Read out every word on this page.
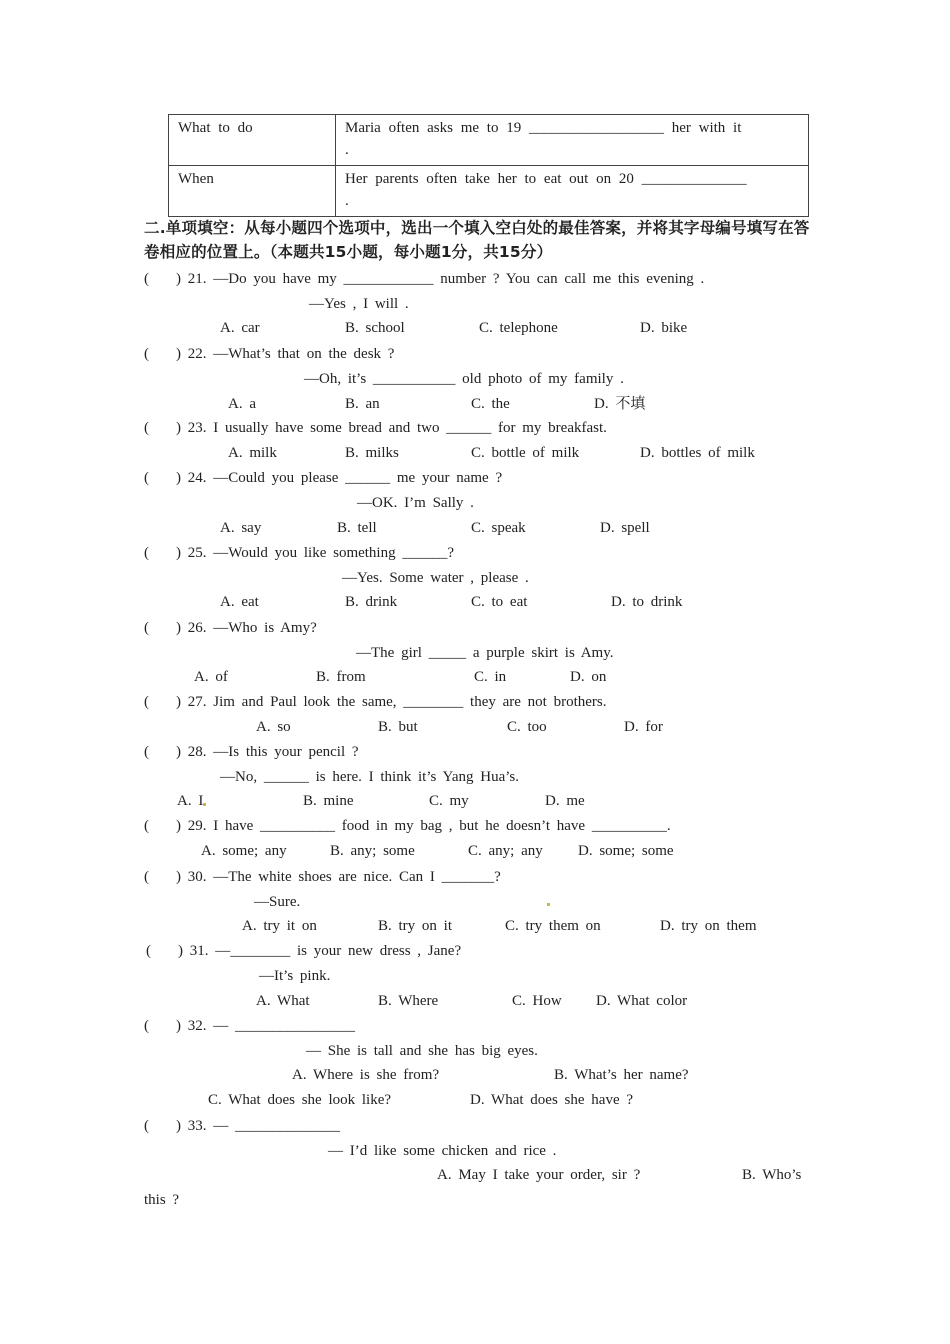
What to do	Maria often asks me to 19 __________________ her with it
.
When	Her parents often take her to eat out on 20 ______________
.
二.单项填空：从每小题四个选项中，选出一个填入空白处的最佳答案，并将其字母编号填写在答卷相应的位置上。（本题共15小题，每小题1分，共15分）
(    ) 21. —Do you have my ____________ number ? You can call me this evening .
—Yes , I will .
A. car	B. school	C. telephone	D. bike
(    ) 22. —What’s that on the desk ?
—Oh, it’s ___________ old photo of my family .
A. a	B. an	C. the	D. 不填
(    ) 23. I usually have some bread and two ______ for my breakfast.
A. milk	B. milks	C. bottle of milk	D. bottles of milk
(    ) 24. —Could you please ______ me your name ?
—OK. I’m Sally .
A. say	B. tell	C. speak	D. spell
(    ) 25. —Would you like something ______?
—Yes. Some water , please .
A. eat	B. drink	C. to eat	D. to drink
(    ) 26. —Who is Amy?
—The girl _____ a purple skirt is Amy.
A. of	B. from	C. in	D. on
(    ) 27. Jim and Paul look the same, ________ they are not brothers.
A. so	B. but	C. too	D. for
(    ) 28. —Is this your pencil ?
—No, ______ is here. I think it’s Yang Hua’s.
A. I	B. mine	C. my	D. me
(    ) 29. I have __________ food in my bag , but he doesn’t have __________.
A. some; any	B. any; some	C. any; any D. some; some
(    ) 30. —The white shoes are nice. Can I _______?
—Sure.
A. try it on	B. try on it	C. try them on	D. try on them
(    ) 31. —________ is your new dress , Jane?
—It’s pink.
A. What	B. Where	C. How D. What color
(    ) 32. — ________________
— She is tall and she has big eyes.
A. Where is she from?	B. What’s her name?
C. What does she look like?	D. What does she have ?
(    ) 33. — ______________
— I’d like some chicken and rice .
A. May I take your order, sir ?	B. Who’s
this ?
